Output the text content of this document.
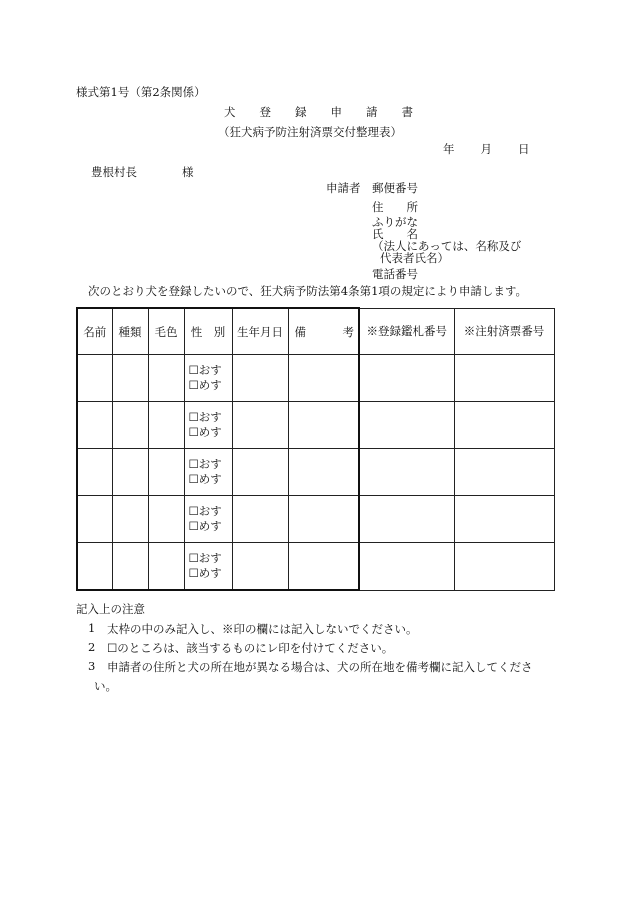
様式第1号（第2条関係）
犬 登 録 申 請 書
（狂犬病予防注射済票交付整理表）
年 月 日
豊根村長	様
申請者 郵便番号
住　　所
ふりがな
氏　　名
（法人にあっては、名称及び
代表者氏名）
電話番号
次のとおり犬を登録したいので、狂犬病予防法第4条第1項の規定により申請します。
名前	種類	毛色	性　別	生年月日	備 考	※登録鑑札番号	※注射済票番号

			☐おす
☐めす				

			☐おす
☐めす				

			☐おす
☐めす				

			☐おす
☐めす				

			☐おす
☐めす				

記入上の注意
1 太枠の中のみ記入し、※印の欄には記入しないでください。
2 ☐のところは、該当するものにレ印を付けてください。
3 申請者の住所と犬の所在地が異なる場合は、犬の所在地を備考欄に記入してくださ
い。
